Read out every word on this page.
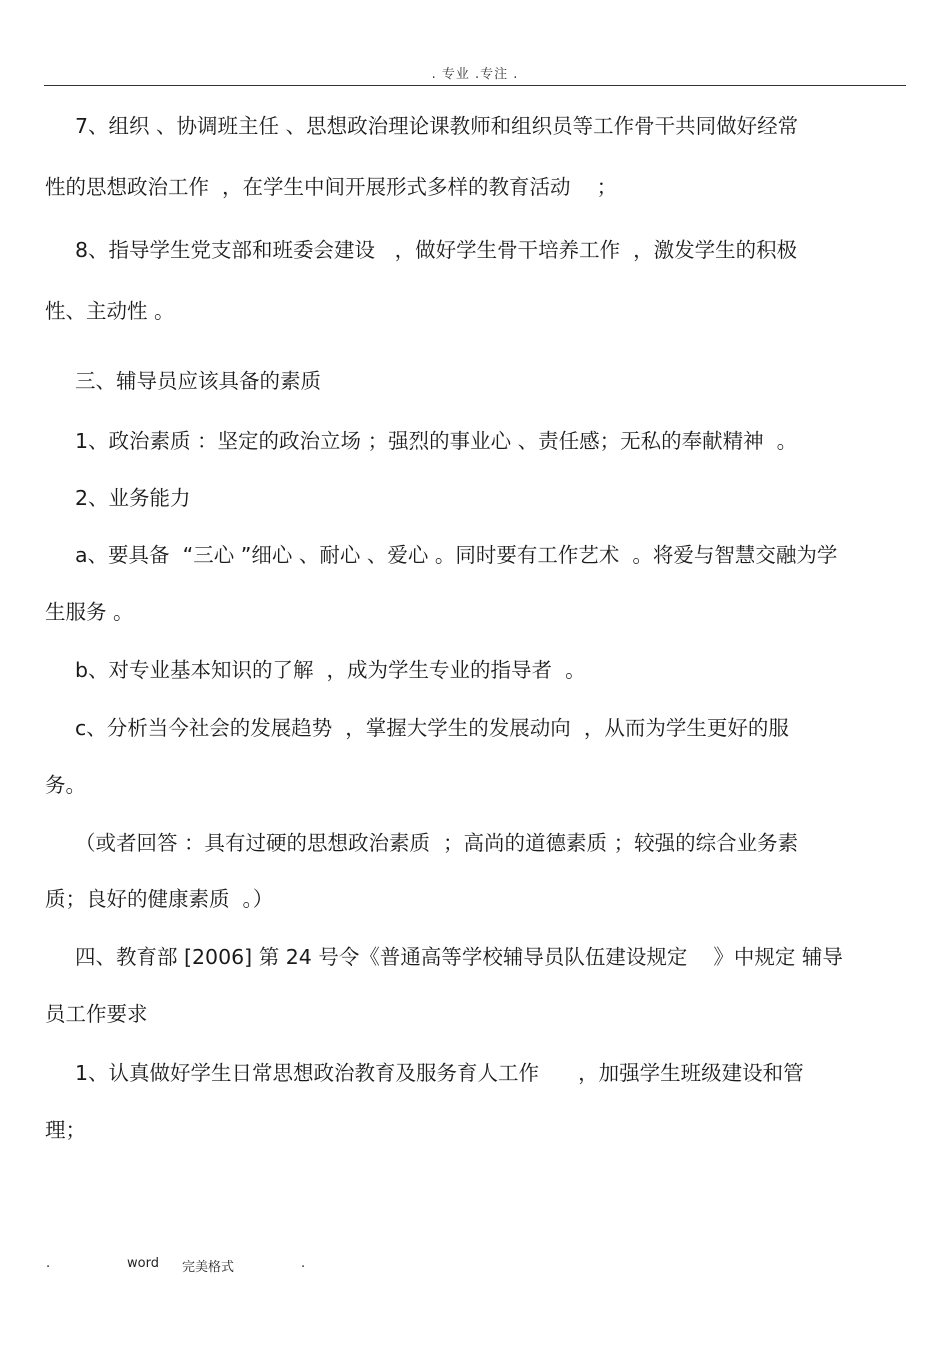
. 专业 .专注 .
7、组织 、协调班主任 、思想政治理论课教师和组织员等工作骨干共同做好经常
性的思想政治工作  ，在学生中间开展形式多样的教育活动    ；
8、指导学生党支部和班委会建设   ，做好学生骨干培养工作  ，激发学生的积极
性、主动性 。
三、辅导员应该具备的素质
1、政治素质 ：坚定的政治立场 ；强烈的事业心 、责任感；无私的奉献精神  。
2、业务能力
a、要具备  “三心 ”细心 、耐心 、爱心 。同时要有工作艺术  。将爱与智慧交融为学
生服务 。
b、对专业基本知识的了解  ，成为学生专业的指导者  。
c、分析当今社会的发展趋势  ，掌握大学生的发展动向  ，从而为学生更好的服
务。
（或者回答 ：具有过硬的思想政治素质  ；高尚的道德素质 ；较强的综合业务素
质；良好的健康素质  。）
四、教育部 [2006] 第 24 号令《普通高等学校辅导员队伍建设规定    》中规定 辅导
员工作要求
1、认真做好学生日常思想政治教育及服务育人工作      ，加强学生班级建设和管
理；
.	word 完美格式	.
